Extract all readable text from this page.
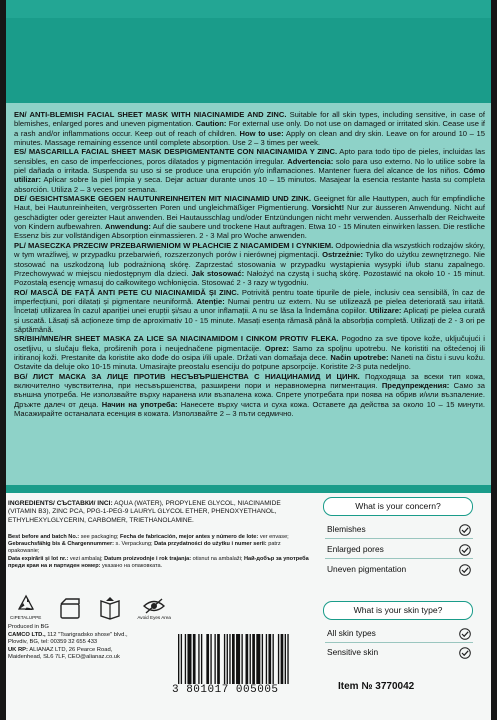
EN/ ANTI-BLEMISH FACIAL SHEET MASK WITH NIACINAMIDE AND ZINC. Suitable for all skin types, including sensitive, in case of blemishes, enlarged pores and uneven pigmentation. Caution: For external use only. Do not use on damaged or irritated skin. Cease use if a rash and/or inflammations occur. Keep out of reach of children. How to use: Apply on clean and dry skin. Leave on for around 10 – 15 minutes. Massage remaining essence until complete absorption. Use 2 – 3 times per week.

ES/ MASCARILLA FACIAL SHEET MASK DESPIGMENTANTE CON NIACINAMIDA Y ZINC. Apto para todo tipo de pieles, incluidas las sensibles, en caso de imperfecciones, poros dilatados y pigmentación irregular. Advertencia: solo para uso externo. No lo utilice sobre la piel dañada o irritada. Suspenda su uso si se produce una erupción y/o inflamaciones. Mantener fuera del alcance de los niños. Cómo utilizar: Aplicar sobre la piel limpia y seca. Dejar actuar durante unos 10 – 15 minutos. Masajear la esencia restante hasta su completa absorción. Utiliza 2 – 3 veces por semana.

DE/ GESICHTSMASKE GEGEN HAUTUNREINHEITEN MIT NIACINAMID UND ZINK. Geeignet für alle Hauttypen, auch für empfindliche Haut, bei Hautunreinheiten, vergrösserten Poren und ungleichmäßiger Pigmentierung. Vorsicht! Nur zur äusseren Anwendung. Nicht auf geschädigter oder gereizter Haut anwenden. Bei Hautausschlag und/oder Entzündungen nicht mehr verwenden. Ausserhalb der Reichweite von Kindern aufbewahren. Anwendung: Auf die saubere und trockene Haut auftragen. Etwa 10 - 15 Minuten einwirken lassen. Die restliche Essenz bis zur vollständigen Absorption einmassieren. 2 - 3 Mal pro Woche anwenden.

PL/ MASECZKA PRZECIW PRZEBARWIENIOM W PŁACHCIE Z NIACAMIDEM I CYNKIEM. Odpowiednia dla wszystkich rodzajów skóry, w tym wrażliwej, w przypadku przebarwień, rozszerzonych porów i nierównej pigmentacji. Ostrzeżnie: Tylko do użytku zewnętrznego. Nie stosować na uszkodzoną lub podrażnioną skórę. Zaprzestać stosowania w przypadku wystąpienia wysypki i/lub stanu zapalnego. Przechowywać w miejscu niedostępnym dla dzieci. Jak stosować: Nałożyć na czystą i suchą skórę. Pozostawić na około 10 - 15 minut. Pozostałą esencję wmasuj do całkowitego wchłonięcia. Stosować 2 - 3 razy w tygodniu.

RO/ MASCĂ DE FAȚĂ ANTI PETE CU NIACINAMIDĂ ȘI ZINC. Potrivită pentru toate tipurile de piele, inclusiv cea sensibilă, în caz de imperfecțiuni, pori dilatați și pigmentare neuniformă. Atenție: Numai pentru uz extern. Nu se utilizează pe pielea deteriorată sau iritată. Încetați utilizarea în cazul apariției unei erupții și/sau a unor inflamații. A nu se lăsa la îndemâna copiilor. Utilizare: Aplicați pe pielea curată și uscată. Lăsați să acționeze timp de aproximativ 10 - 15 minute. Masați esența rămasă până la absorbția completă. Utilizați de 2 - 3 ori pe săptămână.

SR/BIH/MNE/HR SHEET MASKA ZA LICE SA NIACINAMIDOM I CINKOM PROTIV FLEKA. Pogodno za sve tipove kože, uključujući i osetljivu, u slučaju fleka, proširenih pora i neujednačene pigmentacije. Oprez: Samo za spoljnu upotrebu. Ne koristiti na oštećenoj ili iritiranoj koži. Prestanite da koristite ako dođe do osipa i/ili upale. Držati van domašaja dece. Način upotrebe: Naneti na čistu i suvu kožu. Ostavite da deluje oko 10-15 minuta. Umasirajte preostalu esenciju do potpune apsorpcije. Koristite 2-3 puta nedeljno.

BG/ ЛИСТ МАСКА ЗА ЛИЦЕ ПРОТИВ НЕСЪВЪРШЕНСТВА С НИАЦИНАМИД И ЦИНК. Подходяща за всеки тип кожа, включително чувствителна, при несъвършенства, разширени пори и неравномерна пигментация. Предупреждения: Само за външна употреба. Не използвайте върху наранена или възпалена кожа. Спрете употребата при поява на обрив и/или възпаление. Дръжте далеч от деца. Начин на употреба: Нанесете върху чиста и суха кожа. Оставете да действа за около 10 – 15 минути. Масажирайте останалата есенция в кожата. Използвайте 2 – 3 пъти седмично.

INGREDIENTS/ СЪСТАВКИ/ INCI: AQUA (WATER), PROPYLENE GLYCOL, NIACINAMIDE (VITAMIN B3), ZINC PCA, PPG-1-PEG-9 LAURYL GLYCOL ETHER, PHENOXYETHANOL, ETHYLHEXYLGLYCERIN, CARBOMER, TRIETHANOLAMINE.

Best before and batch No.: see packaging; Fecha de fabricación, mejor antes y número de lote: ver envase;
Gebrauchsfähig bis & Chargennummer: s. Verpackung; Data przydatności do użytku i numer serii: patrz opakowanie;
Data expirării și lot nr.: vezi ambalaj; Datum proizvodnje i rok trajanja: otisnut na ambalaži; Най-добър за употреба преди края на и партиден номер: указано на опаковката.
CIPETALUPPE	Avoid Eyes Area
Produced in BG
CAMCO LTD., 112 "Tsarigradsko shose" blvd.,
Plovdiv, BG, tel: 00359 32 655 433
UK RP: ALIANAZ LTD, 26 Pearce Road,
Maidenhead, SL6 7LF, CEO@alianaz.co.uk
3 801017 005005	Item № 3770042
What is your concern?
Blemishes
Enlarged pores
Uneven pigmentation
What is your skin type?
All skin types
Sensitive skin
